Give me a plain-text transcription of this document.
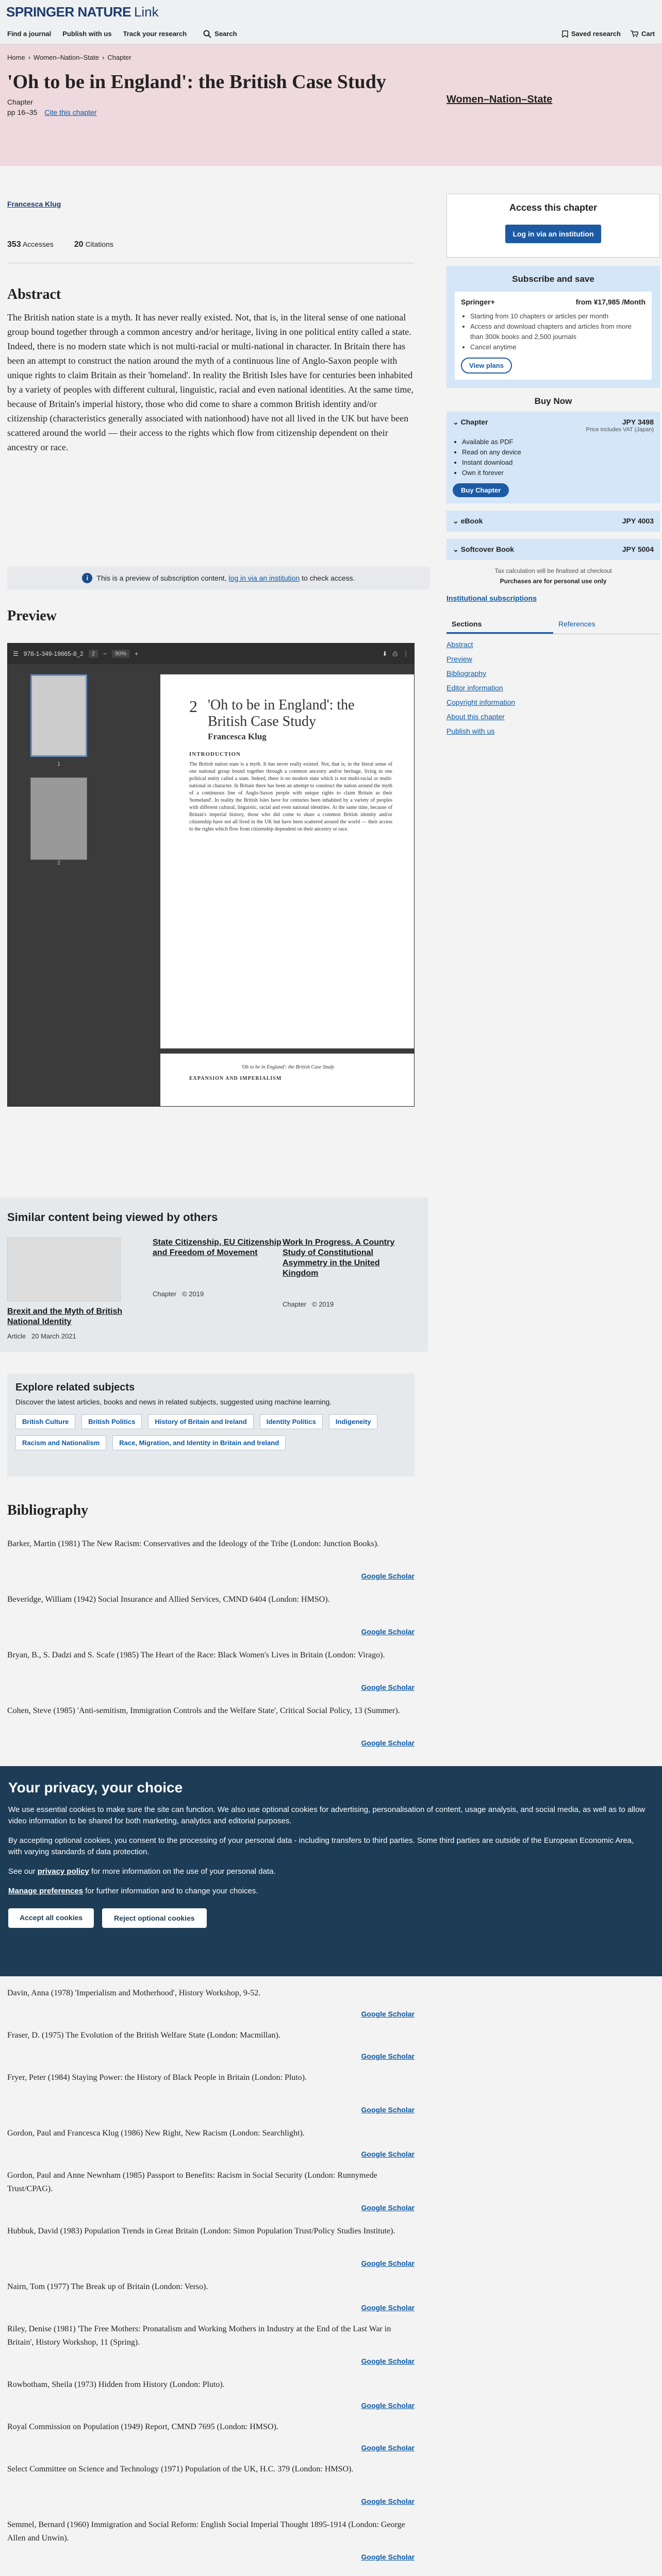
SPRINGER NATURE Link
Find a journal Publish with us Track your research	Search	Saved research	Cart
Home › Women–Nation–State › Chapter
'Oh to be in England': the British Case Study
Chapter
pp 16–35 Cite this chapter
Women–Nation–State
Francesca Klug
353 Accesses	20 Citations
Abstract

The British nation state is a myth. It has never really existed. Not, that is, in the literal sense of one national group bound together through a common ancestry and/or heritage, living in one political entity called a state. Indeed, there is no modern state which is not multi-racial or multi-national in character. In Britain there has been an attempt to construct the nation around the myth of a continuous line of Anglo-Saxon people with unique rights to claim Britain as their 'homeland'. In reality the British Isles have for centuries been inhabited by a variety of peoples with different cultural, linguistic, racial and even national identities. At the same time, because of Britain's imperial history, those who did come to share a common British identity and/or citizenship (characteristics generally associated with nationhood) have not all lived in the UK but have been scattered around the world — their access to the rights which flow from citizenship dependent on their ancestry or race.

i	This is a preview of subscription content,
log in via an institution
to check access.
Preview
☰ 978-1-349-19865-8_2	2	−	90%	+	⬇ ⎙ ⋮
1
2
2 'Oh to be in England': the British Case Study
Francesca Klug
INTRODUCTION

The British nation state is a myth. It has never really existed. Not, that is, in the literal sense of one national group bound together through a common ancestry and/or heritage, living in one political entity called a state. Indeed, there is no modern state which is not multi-racial or multi-national in character. In Britain there has been an attempt to construct the nation around the myth of a continuous line of Anglo-Saxon people with unique rights to claim Britain as their 'homeland'. In reality the British Isles have for centuries been inhabited by a variety of peoples with different cultural, linguistic, racial and even national identities. At the same time, because of Britain's imperial history, those who did come to share a common British identity and/or citizenship have not all lived in the UK but have been scattered around the world — their access to the rights which flow from citizenship dependent on their ancestry or race.

'Oh to be in England': the British Case Study
EXPANSION AND IMPERIALISM
Similar content being viewed by others
Brexit and the Myth of British National Identity
Article 20 March 2021
State Citizenship, EU Citizenship and Freedom of Movement
Chapter © 2019
Work In Progress. A Country Study of Constitutional Asymmetry in the United Kingdom
Chapter © 2019
Explore related subjects

Discover the latest articles, books and news in related subjects, suggested using machine learning.

British Culture	British Politics	History of Britain and Ireland	Identity Politics	Indigeneity
Racism and Nationalism	Race, Migration, and Identity in Britain and Ireland
Bibliography
Barker, Martin (1981) The New Racism: Conservatives and the Ideology of the Tribe (London: Junction Books).
Google Scholar
Beveridge, William (1942) Social Insurance and Allied Services, CMND 6404 (London: HMSO).
Google Scholar
Bryan, B., S. Dadzi and S. Scafe (1985) The Heart of the Race: Black Women's Lives in Britain (London: Virago).
Google Scholar
Cohen, Steve (1985) 'Anti-semitism, Immigration Controls and the Welfare State', Critical Social Policy, 13 (Summer).
Google Scholar
Davin, Anna (1978) 'Imperialism and Motherhood', History Workshop, 9-52.
Google Scholar
Fraser, D. (1975) The Evolution of the British Welfare State (London: Macmillan).
Google Scholar
Fryer, Peter (1984) Staying Power: the History of Black People in Britain (London: Pluto).
Google Scholar
Gordon, Paul and Francesca Klug (1986) New Right, New Racism (London: Searchlight).
Google Scholar
Gordon, Paul and Anne Newnham (1985) Passport to Benefits: Racism in Social Security (London: Runnymede Trust/CPAG).
Google Scholar
Hubbuk, David (1983) Population Trends in Great Britain (London: Simon Population Trust/Policy Studies Institute).
Google Scholar
Nairn, Tom (1977) The Break up of Britain (London: Verso).
Google Scholar
Riley, Denise (1981) 'The Free Mothers: Pronatalism and Working Mothers in Industry at the End of the Last War in Britain', History Workshop, 11 (Spring).
Google Scholar
Rowbotham, Sheila (1973) Hidden from History (London: Pluto).
Google Scholar
Royal Commission on Population (1949) Report, CMND 7695 (London: HMSO).
Google Scholar
Select Committee on Science and Technology (1971) Population of the UK, H.C. 379 (London: HMSO).
Google Scholar
Semmel, Bernard (1960) Immigration and Social Reform: English Social Imperial Thought 1895-1914 (London: George Allen and Unwin).
Google Scholar
Access this chapter
Log in via an institution
Subscribe and save
Springer+	from ¥17,985 /Month
• Starting from 10 chapters or articles per month
• Access and download chapters and articles from more than 300k books and 2,500 journals
• Cancel anytime
View plans
Buy Now
⌄ Chapter	JPY 3498
Price includes VAT (Japan)
• Available as PDF
• Read on any device
• Instant download
• Own it forever
Buy Chapter
⌄ eBook	JPY 4003
⌄ Softcover Book	JPY 5004
Tax calculation will be finalised at checkout
Purchases are for personal use only
Institutional subscriptions
Sections	References
Abstract
Preview
Bibliography
Editor information
Copyright information
About this chapter
Publish with us
Your privacy, your choice

We use essential cookies to make sure the site can function. We also use optional cookies for advertising, personalisation of content, usage analysis, and social media, as well as to allow video information to be shared for both marketing, analytics and editorial purposes.

By accepting optional cookies, you consent to the processing of your personal data - including transfers to third parties. Some third parties are outside of the European Economic Area, with varying standards of data protection.

See our privacy policy for more information on the use of your personal data.

Manage preferences for further information and to change your choices.

Accept all cookies	Reject optional cookies
